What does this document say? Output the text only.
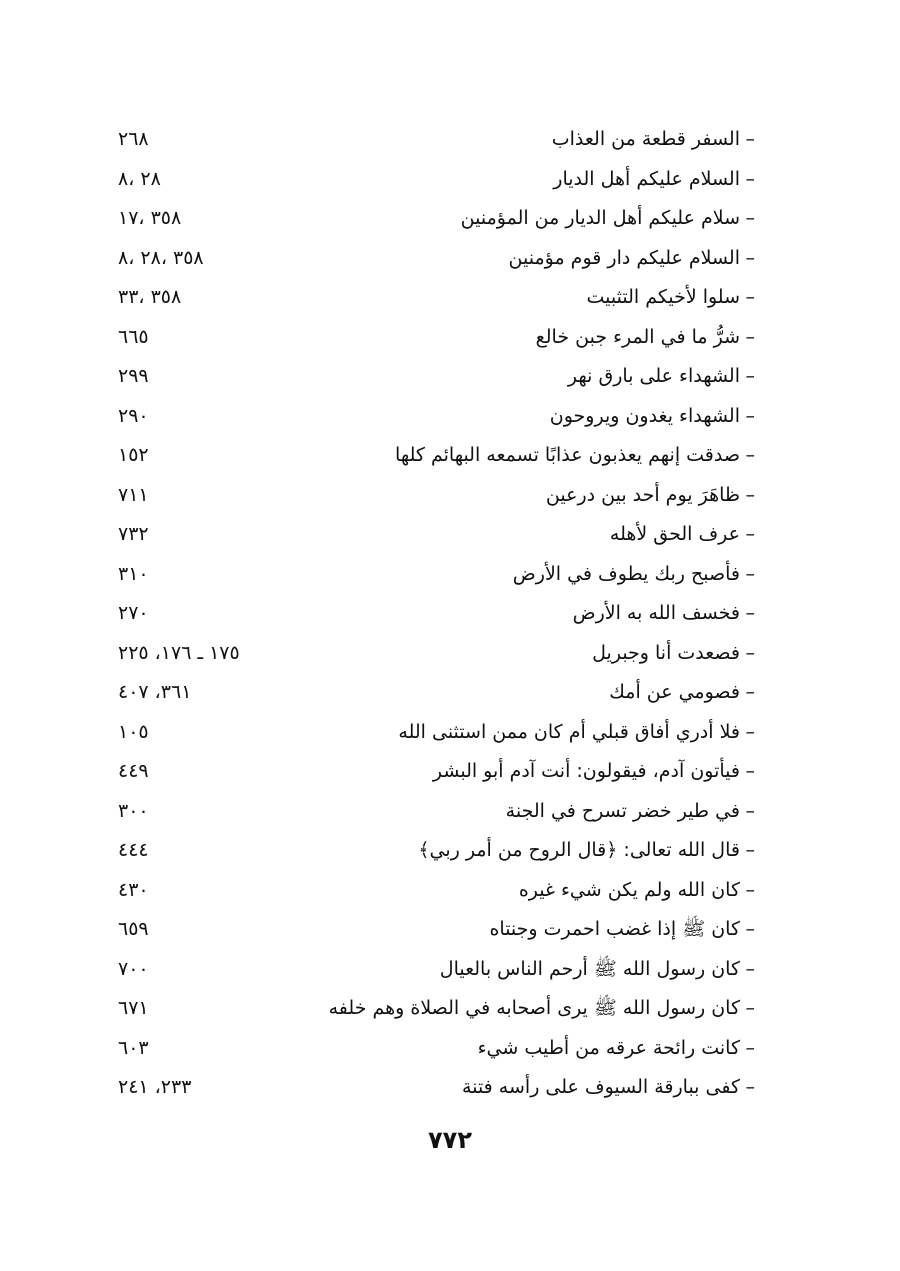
–
السفر قطعة من العذاب
٢٦٨
–
السلام عليكم أهل الديار
٢٨ ،٨
–
سلام عليكم أهل الديار من المؤمنين
٣٥٨ ،١٧
–
السلام عليكم دار قوم مؤمنين
٣٥٨ ،٢٨ ،٨
–
سلوا لأخيكم التثبيت
٣٥٨ ،٣٣
–
شرُّ ما في المرء جبن خالع
٦٦٥
–
الشهداء على بارق نهر
٢٩٩
–
الشهداء يغدون ويروحون
٢٩٠
–
صدقت إنهم يعذبون عذابًا تسمعه البهائم كلها
١٥٢
–
ظاهَرَ يوم أحد بين درعين
٧١١
–
عرف الحق لأهله
٧٣٢
–
فأصبح ربك يطوف في الأرض
٣١٠
–
فخسف الله به الأرض
٢٧٠
–
فصعدت أنا وجبريل
١٧٥ ـ ١٧٦، ٢٢٥
–
فصومي عن أمك
٣٦١، ٤٠٧
–
فلا أدري أفاق قبلي أم كان ممن استثنى الله
١٠٥
–
فيأتون آدم، فيقولون: أنت آدم أبو البشر
٤٤٩
–
في طير خضر تسرح في الجنة
٣٠٠
–
قال الله تعالى: ﴿قال الروح من أمر ربي﴾
٤٤٤
–
كان الله ولم يكن شيء غيره
٤٣٠
–
كان ﷺ إذا غضب احمرت وجنتاه
٦٥٩
–
كان رسول الله ﷺ أرحم الناس بالعيال
٧٠٠
–
كان رسول الله ﷺ يرى أصحابه في الصلاة وهم خلفه
٦٧١
–
كانت رائحة عرقه من أطيب شيء
٦٠٣
–
كفى ببارقة السيوف على رأسه فتنة
٢٣٣، ٢٤١
٧٧٢
